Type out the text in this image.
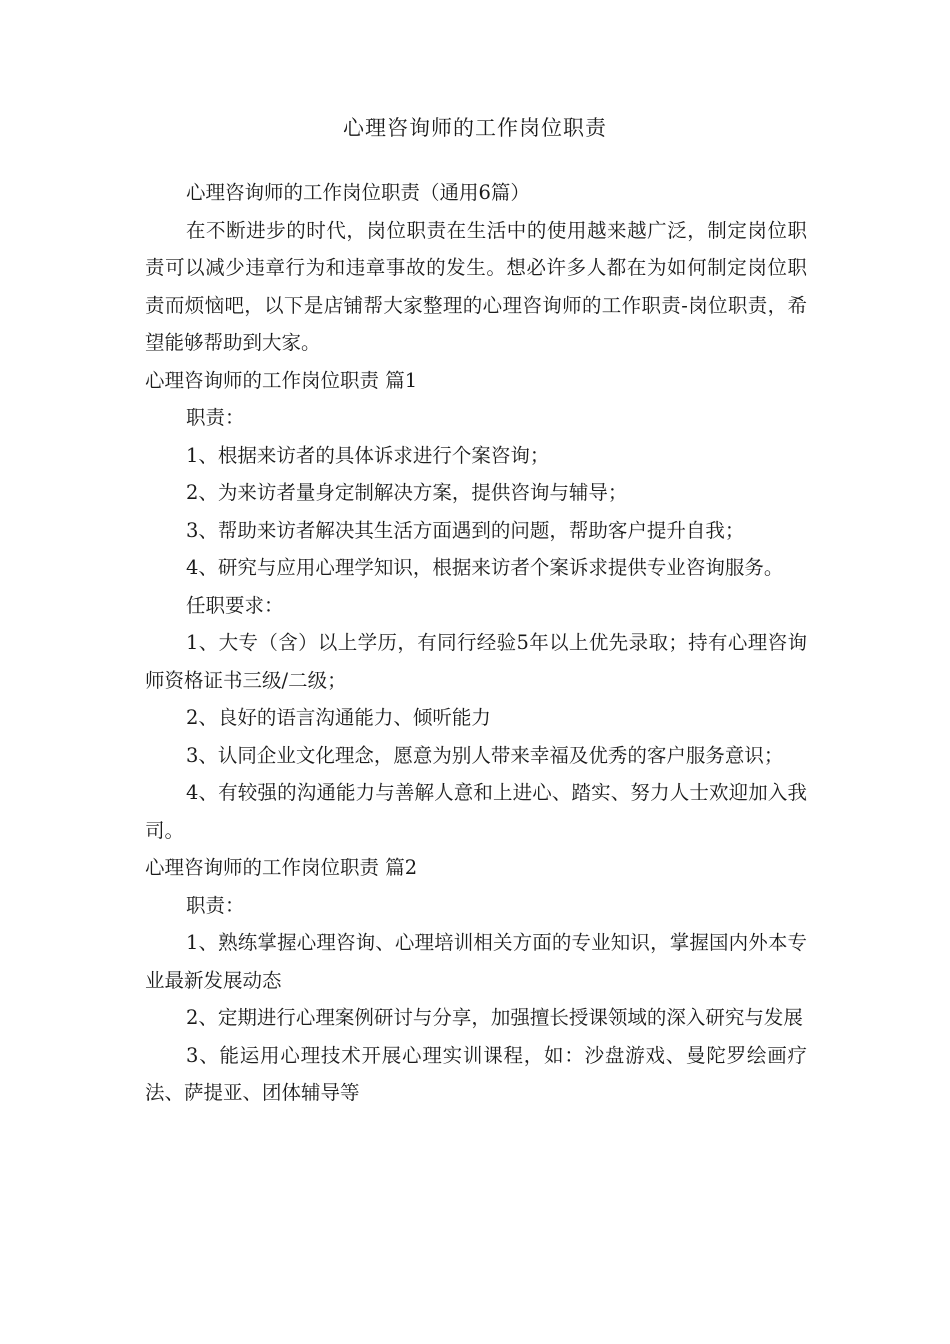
心理咨询师的工作岗位职责

心理咨询师的工作岗位职责（通用6篇）

在不断进步的时代，岗位职责在生活中的使用越来越广泛，制定岗位职责可以减少违章行为和违章事故的发生。想必许多人都在为如何制定岗位职责而烦恼吧，以下是店铺帮大家整理的心理咨询师的工作职责-岗位职责，希望能够帮助到大家。

心理咨询师的工作岗位职责 篇1

职责：

1、根据来访者的具体诉求进行个案咨询；

2、为来访者量身定制解决方案，提供咨询与辅导；

3、帮助来访者解决其生活方面遇到的问题，帮助客户提升自我；

4、研究与应用心理学知识，根据来访者个案诉求提供专业咨询服务。

任职要求：

1、大专（含）以上学历，有同行经验5年以上优先录取；持有心理咨询师资格证书三级/二级；

2、良好的语言沟通能力、倾听能力

3、认同企业文化理念，愿意为别人带来幸福及优秀的客户服务意识；

4、有较强的沟通能力与善解人意和上进心、踏实、努力人士欢迎加入我司。

心理咨询师的工作岗位职责 篇2

职责：

1、熟练掌握心理咨询、心理培训相关方面的专业知识，掌握国内外本专业最新发展动态

2、定期进行心理案例研讨与分享，加强擅长授课领域的深入研究与发展

3、能运用心理技术开展心理实训课程，如：沙盘游戏、曼陀罗绘画疗法、萨提亚、团体辅导等
